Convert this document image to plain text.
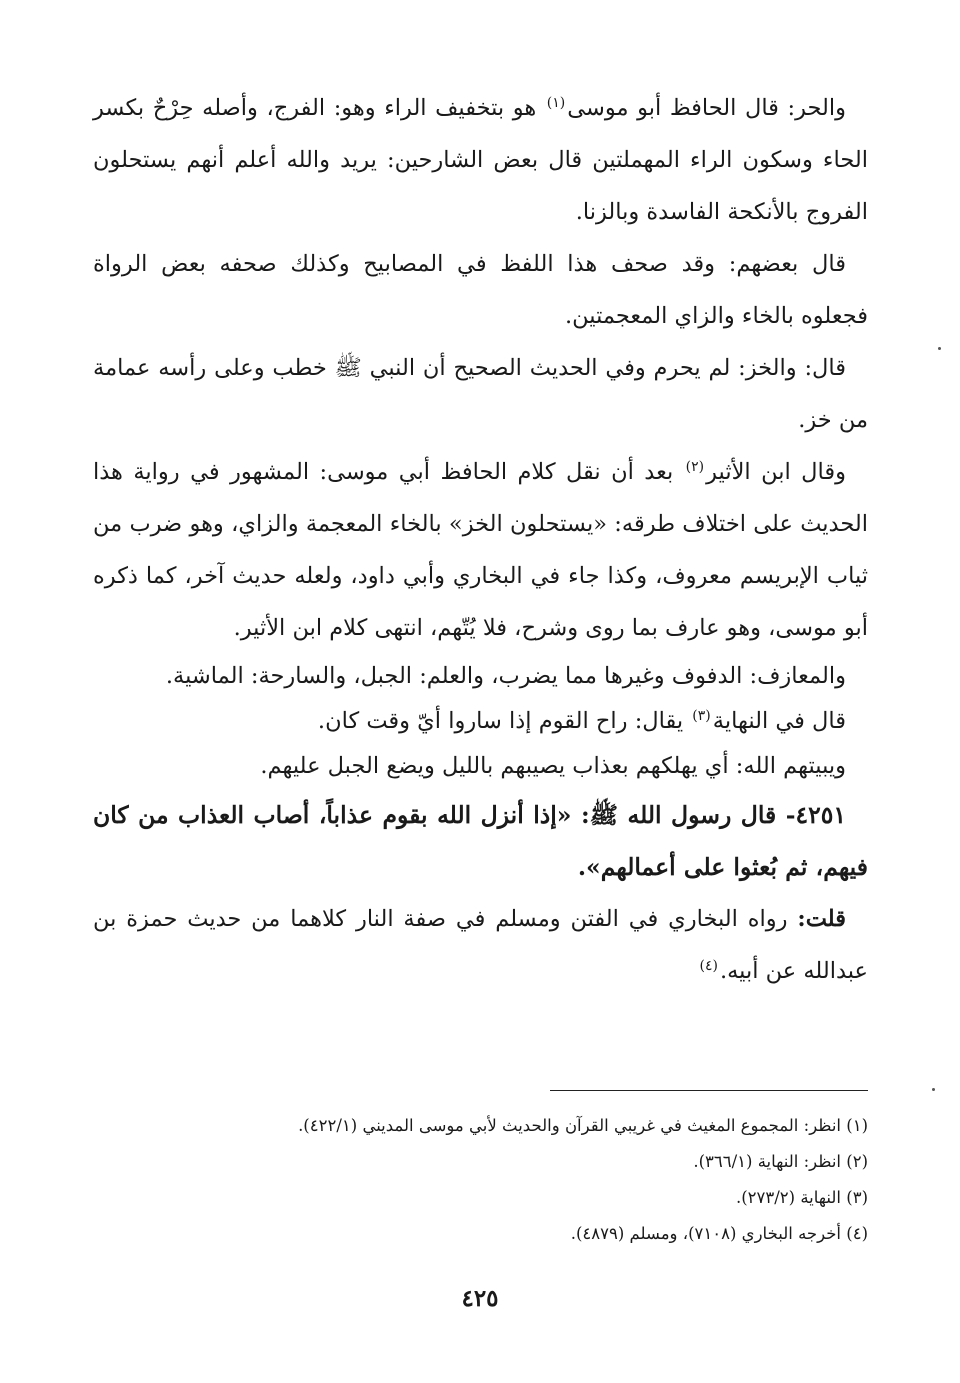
والحر: قال الحافظ أبو موسى$^{(١)}$ هو بتخفيف الراء وهو: الفرج، وأصله حِرْحٌ بكسر الحاء وسكون الراء المهملتين قال بعض الشارحين: يريد والله أعلم أنهم يستحلون الفروج بالأنكحة الفاسدة وبالزنا.

قال بعضهم: وقد صحف هذا اللفظ في المصابيح وكذلك صحفه بعض الرواة فجعلوه بالخاء والزاي المعجمتين.

قال: والخز: لم يحرم وفي الحديث الصحيح أن النبي ﷺ خطب وعلى رأسه عمامة من خز.

وقال ابن الأثير$^{(٢)}$ بعد أن نقل كلام الحافظ أبي موسى: المشهور في رواية هذا الحديث على اختلاف طرقه: «يستحلون الخز» بالخاء المعجمة والزاي، وهو ضرب من ثياب الإبريسم معروف، وكذا جاء في البخاري وأبي داود، ولعله حديث آخر، كما ذكره أبو موسى، وهو عارف بما روى وشرح، فلا يُتّهم، انتهى كلام ابن الأثير.

والمعازف: الدفوف وغيرها مما يضرب، والعلم: الجبل، والسارحة: الماشية.

قال في النهاية$^{(٣)}$ يقال: راح القوم إذا ساروا أيّ وقت كان.

ويبيتهم الله: أي يهلكهم بعذاب يصيبهم بالليل ويضع الجبل عليهم.

٤٢٥١- قال رسول الله ﷺ: «إذا أنزل الله بقوم عذاباً، أصاب العذاب من كان فيهم، ثم بُعثوا على أعمالهم».

قلت: رواه البخاري في الفتن ومسلم في صفة النار كلاهما من حديث حمزة بن عبدالله عن أبيه.$^{(٤)}$

(١) انظر: المجموع المغيث في غريبي القرآن والحديث لأبي موسى المديني (٤٢٢/١).

(٢) انظر: النهاية (٣٦٦/١).

(٣) النهاية (٢٧٣/٢).

(٤) أخرجه البخاري (٧١٠٨)، ومسلم (٤٨٧٩).

٤٢٥
